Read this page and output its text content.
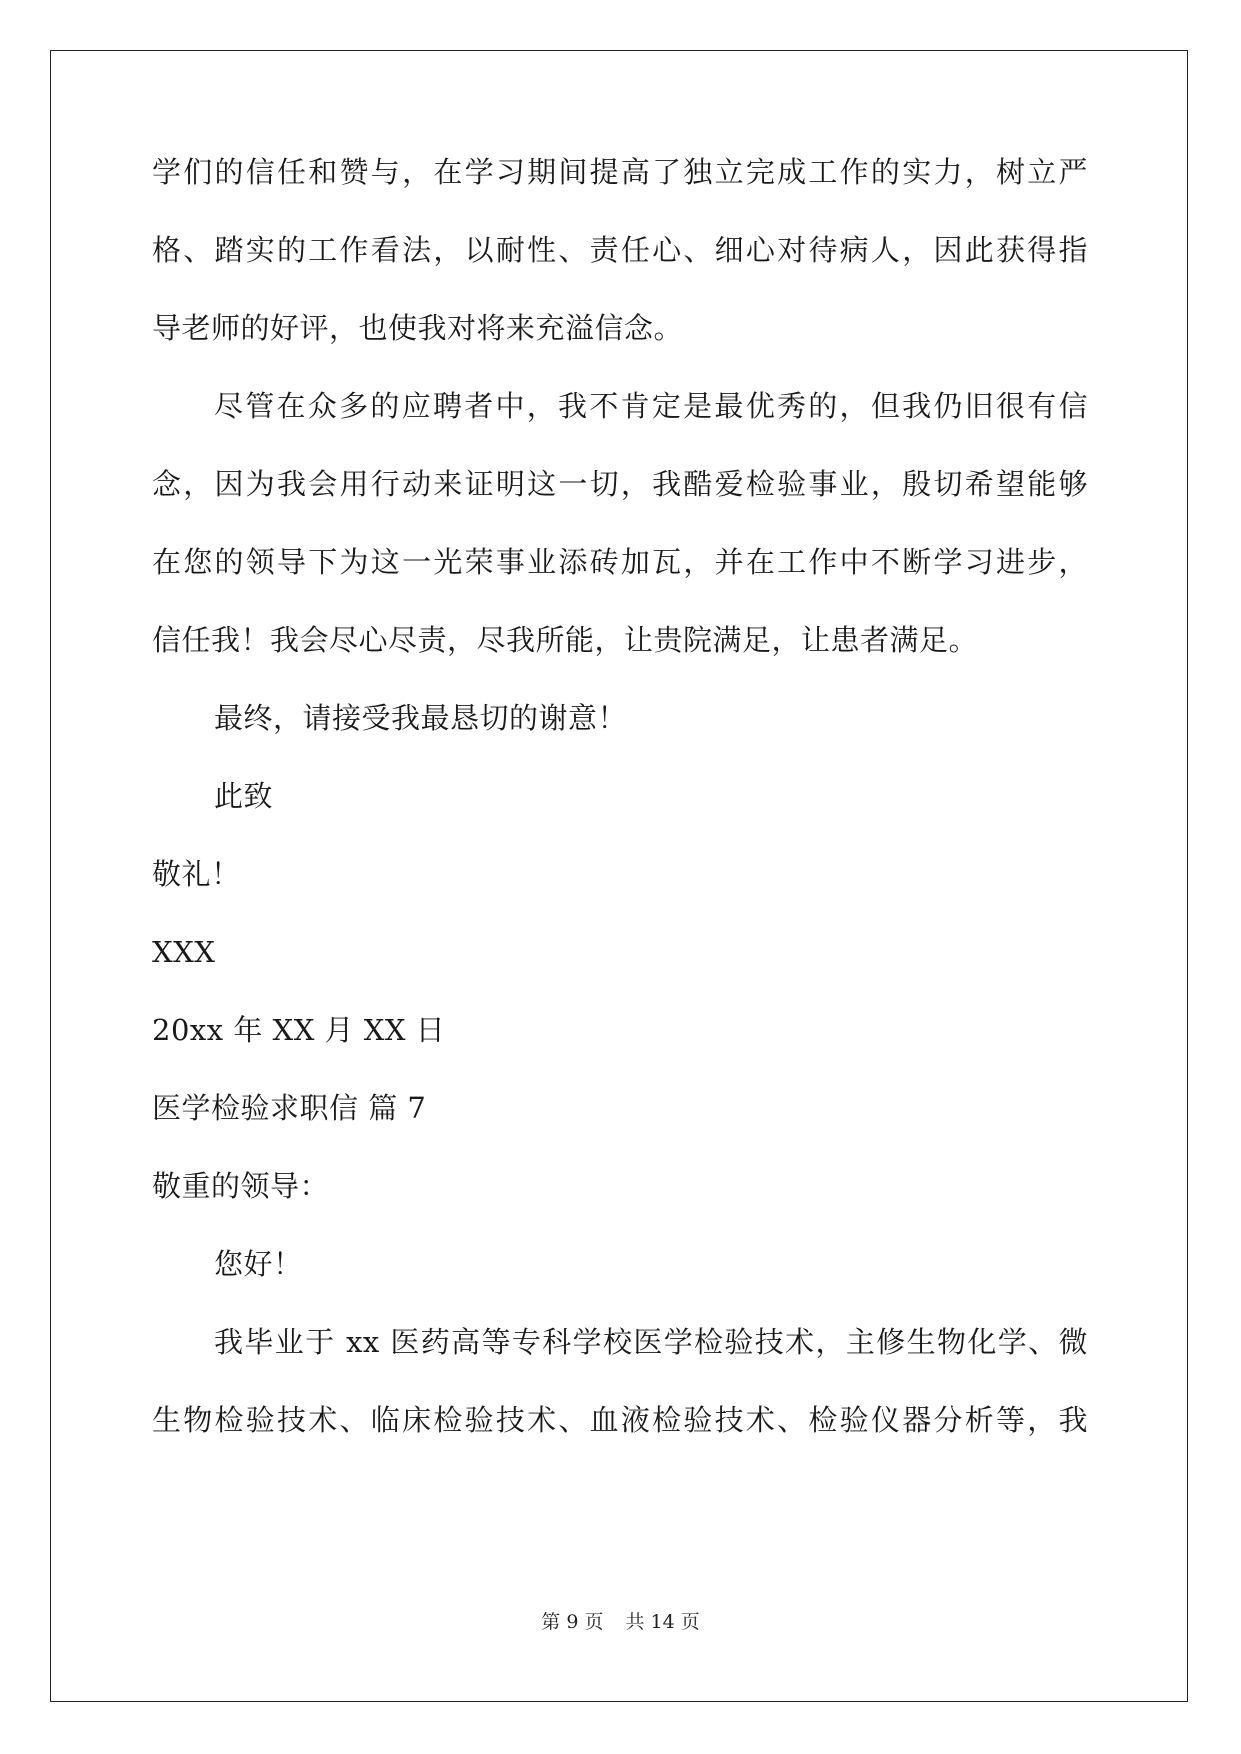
学们的信任和赞与，在学习期间提高了独立完成工作的实力，树立严
格、踏实的工作看法，以耐性、责任心、细心对待病人，因此获得指
导老师的好评，也使我对将来充溢信念。
尽管在众多的应聘者中，我不肯定是最优秀的，但我仍旧很有信
念，因为我会用行动来证明这一切，我酷爱检验事业，殷切希望能够
在您的领导下为这一光荣事业添砖加瓦，并在工作中不断学习进步，
信任我！我会尽心尽责，尽我所能，让贵院满足，让患者满足。
最终，请接受我最恳切的谢意！
此致
敬礼！
XXX
20xx 年 XX 月 XX 日
医学检验求职信 篇 7
敬重的领导：
您好！
我毕业于 xx 医药高等专科学校医学检验技术，主修生物化学、微
生物检验技术、临床检验技术、血液检验技术、检验仪器分析等，我
第 9 页 共 14 页
